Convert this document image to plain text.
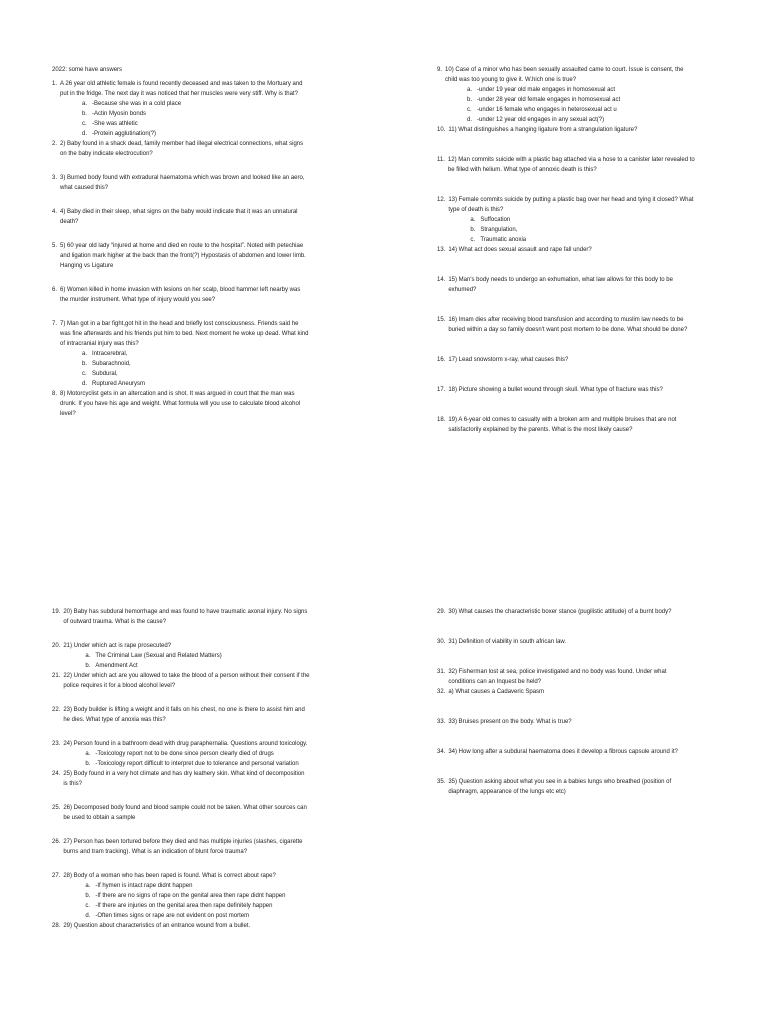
2022: some have answers
1. A 26 year old athletic female is found recently deceased and was taken to the Mortuary and put in the fridge. The next day it was noticed that her muscles were very stiff. Why is that?
a. -Because she was in a cold place
b. -Actin Myosin bonds
c. -She was athletic
d. -Protein agglutination(?)
2. 2) Baby found in a shack dead, family member had illegal electrical connections, what signs on the baby indicate electrocution?
3. 3) Burned body found with extradural haematoma which was brown and looked like an aero, what caused this?
4. 4) Baby died in their sleep, what signs on the baby would indicate that it was an unnatural death?
5. 5) 60 year old lady “injured at home and died en route to the hospital”. Noted with petechiae and ligation mark higher at the back than the front(?) Hypostasis of abdomen and lower limb. Hanging vs Ligature
6. 6) Women killed in home invasion with lesions on her scalp, blood hammer left nearby was the murder instrument. What type of injury would you see?
7. 7) Man got in a bar fight,got hit in the head and briefly lost consciousness. Friends said he was fine afterwards and his friends put him to bed. Next moment he woke up dead. What kind of intracranial injury was this?
a. Intracerebral,
b. Subarachnoid,
c. Subdural,
d. Ruptured Aneurysm
8. 8) Motorcyclist gets in an altercation and is shot. It was argued in court that the man was drunk. If you have his age and weight. What formula will you use to calculate blood alcohol level?
9. 10) Case of a minor who has been sexually assaulted came to court. Issue is consent, the child was too young to give it. W.hich one is true?
a. -under 19 year old male engages in homosexual act
b. -under 28 year old female engages in homosexual act
c. -under 16 female who engages in heterosexual act u
d. -under 12 year old engages in any sexual act(?)
10. 11) What distinguishes a hanging ligature from a strangulation ligature?
11. 12) Man commits suicide with a plastic bag attached via a hose to a canister later revealed to be filled with helium. What type of annoxic death is this?
12. 13) Female commits suicide by putting a plastic bag over her head and tying it closed? What type of death is this?
a. Suffocation
b. Strangulation,
c. Traumatic anoxia
13. 14) What act does sexual assault and rape fall under?
14. 15) Man's body needs to undergo an exhumation, what law allows for this body to be exhumed?
15. 16) Imam dies after receiving blood transfusion and according to muslim law needs to be buried within a day so family doesn't want post mortem to be done. What should be done?
16. 17) Lead snowstorm x-ray, what causes this?
17. 18) Picture showing a bullet wound through skull. What type of fracture was this?
18. 19) A 6-year old comes to casualty with a broken arm and multiple bruises that are not satisfactorily explained by the parents. What is the most likely cause?
19. 20) Baby has subdural hemorrhage and was found to have traumatic axonal injury. No signs of outward trauma. What is the cause?
20. 21) Under which act is rape prosecuted?
a. The Criminal Law (Sexual and Related Matters)
b. Amendment Act
21. 22) Under which act are you allowed to take the blood of a person without their consent if the police requires it for a blood alcohol level?
22. 23) Body builder is lifting a weight and it falls on his chest, no one is there to assist him and he dies. What type of anoxia was this?
23. 24) Person found in a bathroom dead with drug paraphernalia. Questions around toxicology.
a. -Toxicology report not to be done since person clearly died of drugs
b. -Toxicology report difficult to interpret due to tolerance and personal variation
24. 25) Body found in a very hot climate and has dry leathery skin. What kind of decomposition is this?
25. 26) Decomposed body found and blood sample could not be taken. What other sources can be used to obtain a sample
26. 27) Person has been tortured before they died and has multiple injuries (slashes, cigarette burns and tram tracking). What is an indication of blunt force trauma?
27. 28) Body of a woman who has been raped is found. What is correct about rape?
a. -If hymen is intact rape didnt happen
b. -If there are no signs of rape on the genital area then rape didnt happen
c. -If there are injuries on the genital area then rape definitely happen
d. -Often times signs or rape are not evident on post mortem
28. 29) Question about characteristics of an entrance wound from a bullet.
29. 30) What causes the characteristic boxer stance (pugilistic attitude) of a burnt body?
30. 31) Definition of viability in south african law.
31. 32) Fisherman lost at sea, police investigated and no body was found. Under what conditions can an Inquest be held?
32. a) What causes a Cadaveric Spasm
33. 33) Bruises present on the body. What is true?
34. 34) How long after a subdural haematoma does it develop a fibrous capsule around it?
35. 35) Question asking about what you see in a babies lungs who breathed (position of diaphragm, appearance of the lungs etc etc)
